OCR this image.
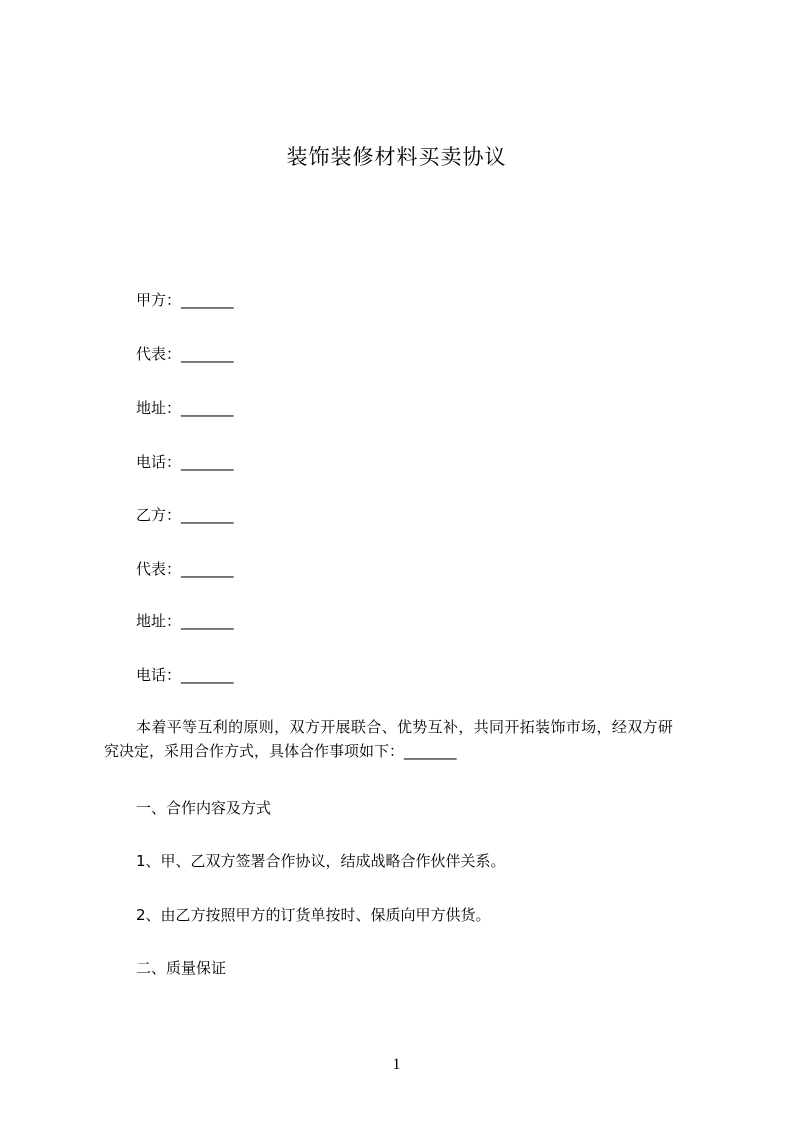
装饰装修材料买卖协议
甲方：_______
代表：_______
地址：_______
电话：_______
乙方：_______
代表：_______
地址：_______
电话：_______
本着平等互利的原则，双方开展联合、优势互补，共同开拓装饰市场，经双方研
究决定，采用合作方式，具体合作事项如下：_______
一、合作内容及方式
1、甲、乙双方签署合作协议，结成战略合作伙伴关系。
2、由乙方按照甲方的订货单按时、保质向甲方供货。
二、质量保证
1
